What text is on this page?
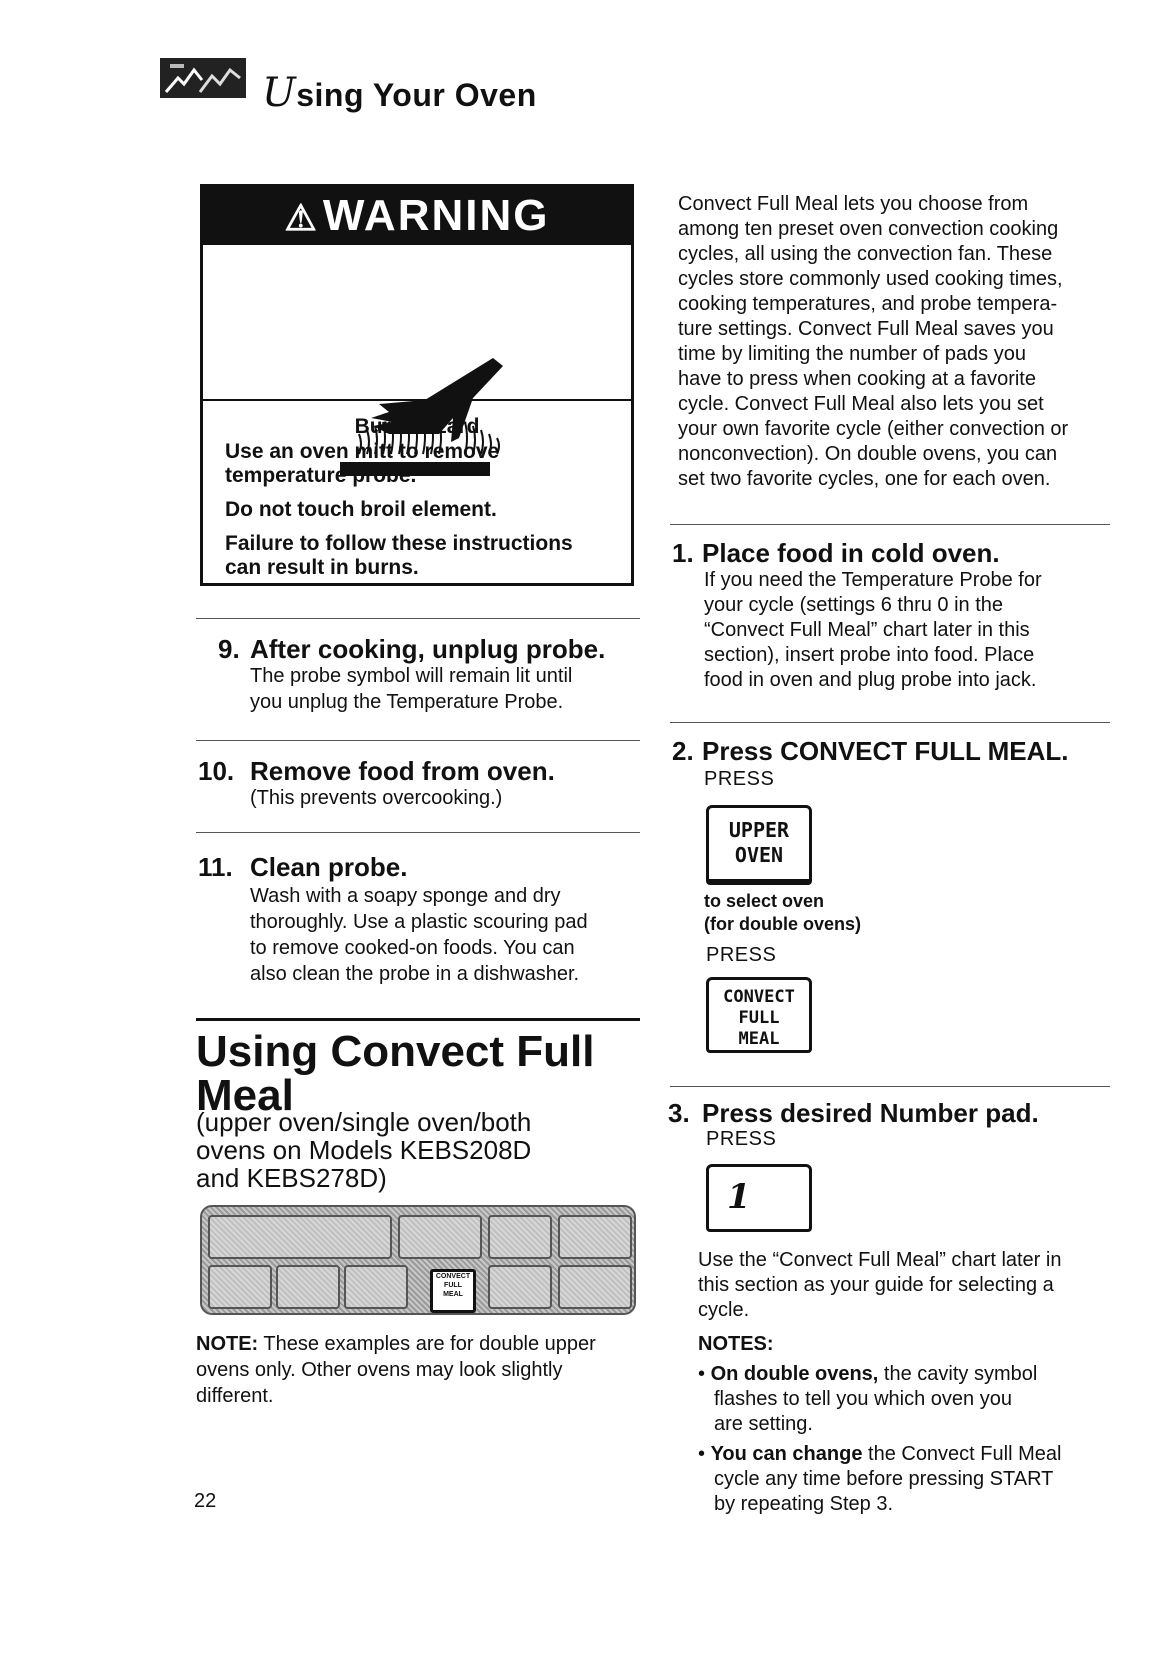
Using Your Oven
⚠WARNING
Burn Hazard
Use an oven mitt to remove
temperature probe.
Do not touch broil element.
Failure to follow these instructions
can result in burns.
9. After cooking, unplug probe.
The probe symbol will remain lit until
you unplug the Temperature Probe.
10. Remove food from oven.
(This prevents overcooking.)
11. Clean probe.
Wash with a soapy sponge and dry
thoroughly. Use a plastic scouring pad
to remove cooked-on foods. You can
also clean the probe in a dishwasher.
Using Convect Full
Meal
(upper oven/single oven/both
ovens on Models KEBS208D
and KEBS278D)
CONVECT
FULL
MEAL
NOTE: These examples are for double upper
ovens only. Other ovens may look slightly
different.
Convect Full Meal lets you choose from
among ten preset oven convection cooking
cycles, all using the convection fan. These
cycles store commonly used cooking times,
cooking temperatures, and probe tempera-
ture settings. Convect Full Meal saves you
time by limiting the number of pads you
have to press when cooking at a favorite
cycle. Convect Full Meal also lets you set
your own favorite cycle (either convection or
nonconvection). On double ovens, you can
set two favorite cycles, one for each oven.
1. Place food in cold oven.
If you need the Temperature Probe for
your cycle (settings 6 thru 0 in the
“Convect Full Meal” chart later in this
section), insert probe into food. Place
food in oven and plug probe into jack.
2. Press CONVECT FULL MEAL.
PRESS
UPPER
OVEN
to select oven
(for double ovens)
PRESS
CONVECT
FULL
MEAL
3. Press desired Number pad.
PRESS
1
Use the “Convect Full Meal” chart later in
this section as your guide for selecting a
cycle.
NOTES:
• On double ovens, the cavity symbol
flashes to tell you which oven you
are setting.
• You can change the Convect Full Meal
cycle any time before pressing START
by repeating Step 3.
22
